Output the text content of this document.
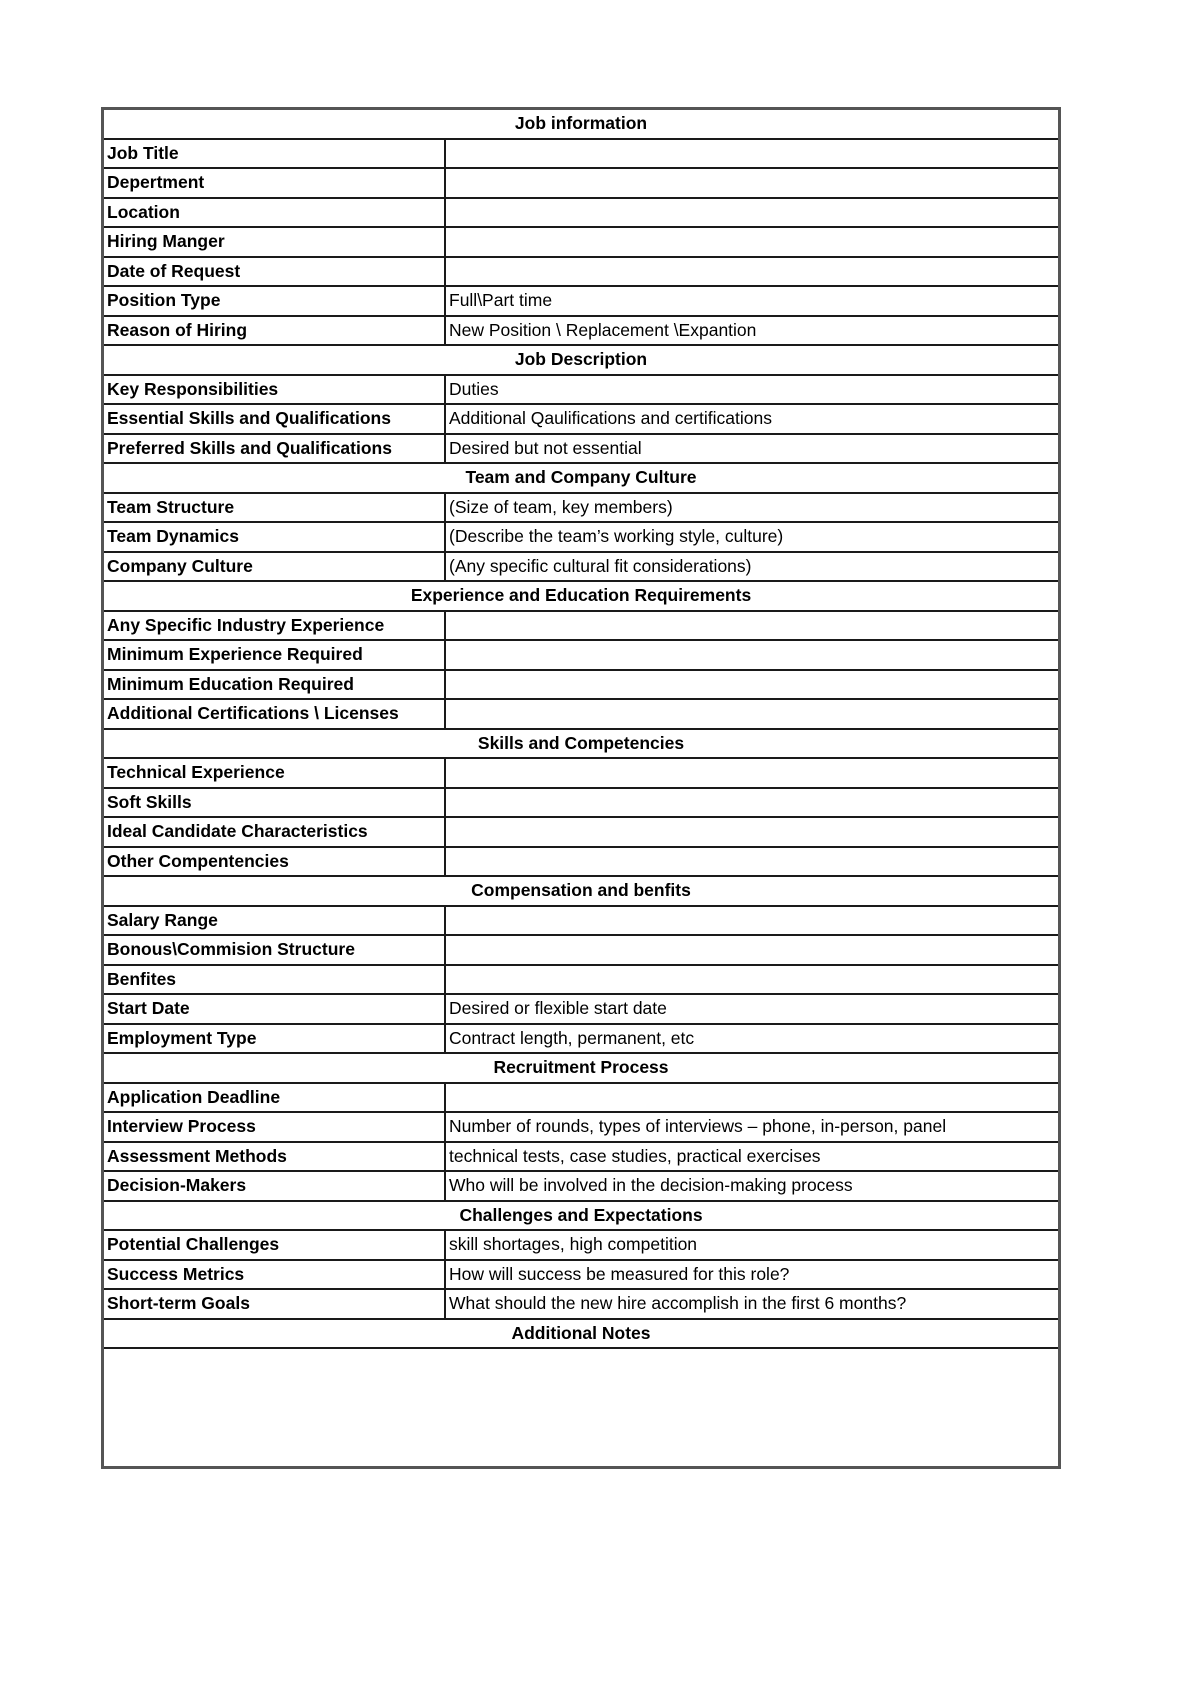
Job information
Job Title
Depertment
Location
Hiring Manger
Date of Request
Position Type	Full\Part time
Reason of Hiring	New Position \ Replacement \Expantion
Job Description
Key Responsibilities	Duties
Essential Skills and Qualifications	Additional Qaulifications and certifications
Preferred Skills and Qualifications	Desired but not essential
Team and Company Culture
Team Structure	(Size of team, key members)
Team Dynamics	(Describe the team’s working style, culture)
Company Culture	(Any specific cultural fit considerations)
Experience and Education Requirements
Any Specific Industry Experience
Minimum Experience Required
Minimum Education Required
Additional Certifications \ Licenses
Skills and Competencies
Technical Experience
Soft Skills
Ideal Candidate Characteristics
Other Compentencies
Compensation and benfits
Salary Range
Bonous\Commision Structure
Benfites
Start Date	Desired or flexible start date
Employment Type	Contract length, permanent, etc
Recruitment Process
Application Deadline
Interview Process	Number of rounds, types of interviews – phone, in-person, panel
Assessment Methods	technical tests, case studies, practical exercises
Decision-Makers	Who will be involved in the decision-making process
Challenges and Expectations
Potential Challenges	skill shortages, high competition
Success Metrics	How will success be measured for this role?
Short-term Goals	What should the new hire accomplish in the first 6 months?
Additional Notes
